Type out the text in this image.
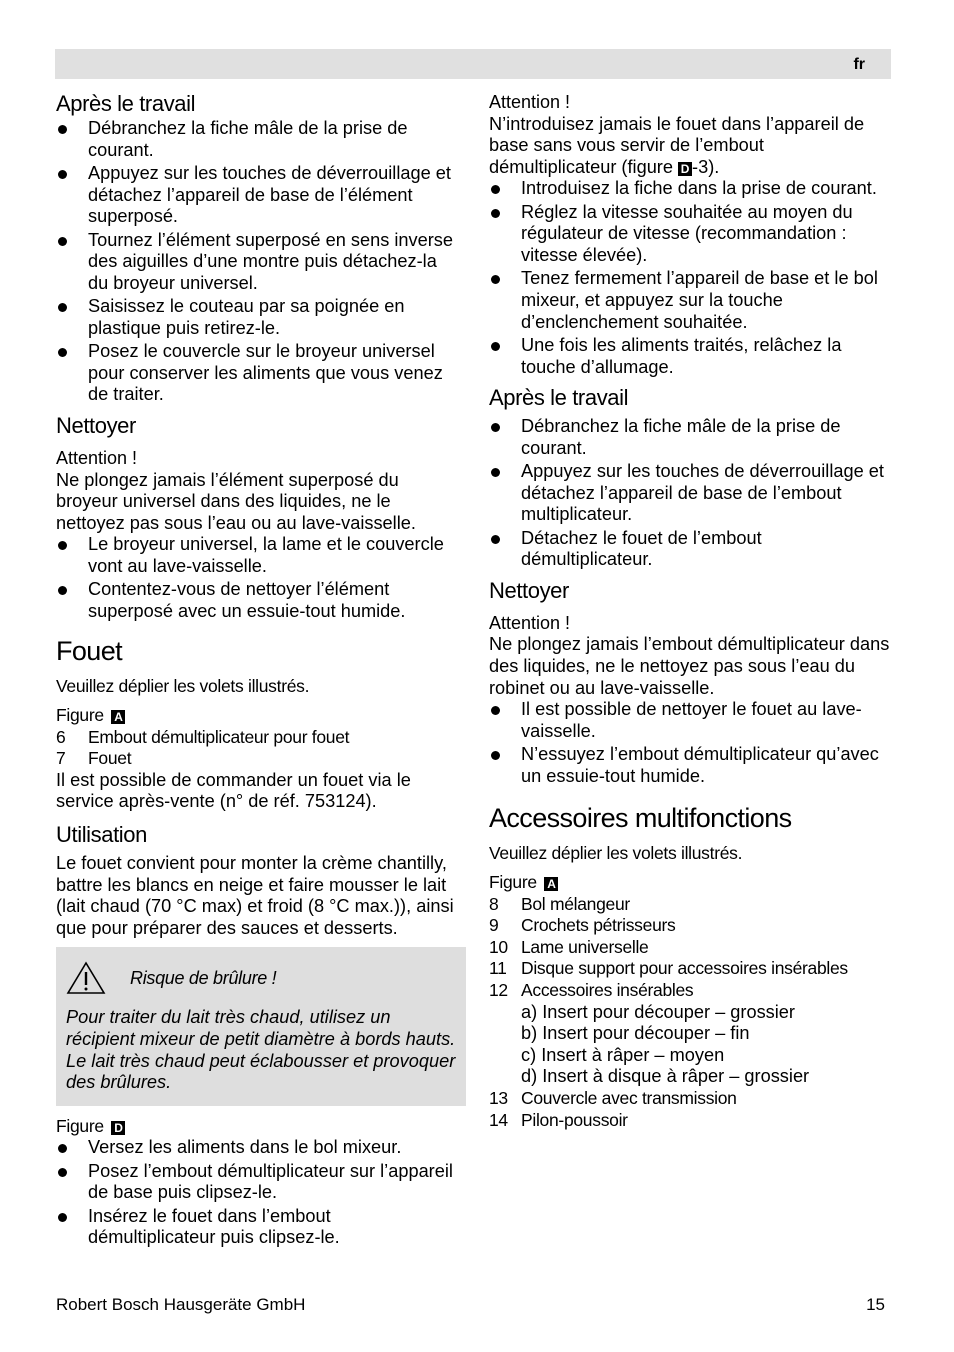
fr
Après le travail
Débranchez la fiche mâle de la prise de courant.
Appuyez sur les touches de déverrouillage et détachez l’appareil de base de l’élément superposé.
Tournez l’élément superposé en sens inverse des aiguilles d’une montre puis détachez-la du broyeur universel.
Saisissez le couteau par sa poignée en plastique puis retirez-le.
Posez le couvercle sur le broyeur universel pour conserver les aliments que vous venez de traiter.
Nettoyer

Attention !

Ne plongez jamais l’élément superposé du broyeur universel dans des liquides, ne le nettoyez pas sous l’eau ou au lave-vaisselle.

Le broyeur universel, la lame et le couvercle vont au lave-vaisselle.
Contentez-vous de nettoyer l’élément superposé avec un essuie-tout humide.
Fouet

Veuillez déplier les volets illustrés.

Figure A

6	Embout démultiplicateur pour fouet
7	Fouet

Il est possible de commander un fouet via le service après-vente (n° de réf. 753124).

Utilisation

Le fouet convient pour monter la crème chantilly, battre les blancs en neige et faire mousser le lait (lait chaud (70 °C max) et froid (8 °C max.)), ainsi que pour préparer des sauces et desserts.

Risque de brûlure !

Pour traiter du lait très chaud, utilisez un récipient mixeur de petit diamètre à bords hauts. Le lait très chaud peut éclabousser et provoquer des brûlures.

Figure D

Versez les aliments dans le bol mixeur.
Posez l’embout démultiplicateur sur l’appareil de base puis clipsez-le.
Insérez le fouet dans l’embout démultiplicateur puis clipsez-le.

Attention !

N’introduisez jamais le fouet dans l’appareil de base sans vous servir de l’embout démultiplicateur (figure D -3).

Introduisez la fiche dans la prise de courant.
Réglez la vitesse souhaitée au moyen du régulateur de vitesse (recommandation : vitesse élevée).
Tenez fermement l’appareil de base et le bol mixeur, et appuyez sur la touche d’enclenchement souhaitée.
Une fois les aliments traités, relâchez la touche d’allumage.
Après le travail
Débranchez la fiche mâle de la prise de courant.
Appuyez sur les touches de déverrouillage et détachez l’appareil de base de l’embout multiplicateur.
Détachez le fouet de l’embout démultiplicateur.
Nettoyer

Attention !

Ne plongez jamais l’embout démultiplicateur dans des liquides, ne le nettoyez pas sous l’eau du robinet ou au lave-vaisselle.

Il est possible de nettoyer le fouet au lave-vaisselle.
N’essuyez l’embout démultiplicateur qu’avec un essuie-tout humide.
Accessoires multifonctions

Veuillez déplier les volets illustrés.

Figure A

8	Bol mélangeur
9	Crochets pétrisseurs
10 Lame universelle
11 Disque support pour accessoires insérables
12 Accessoires insérables

a) Insert pour découper – grossier

b) Insert pour découper – fin

c) Insert à râper – moyen

d) Insert à disque à râper – grossier

13 Couvercle avec transmission
14 Pilon-poussoir
Robert Bosch Hausgeräte GmbH	15
